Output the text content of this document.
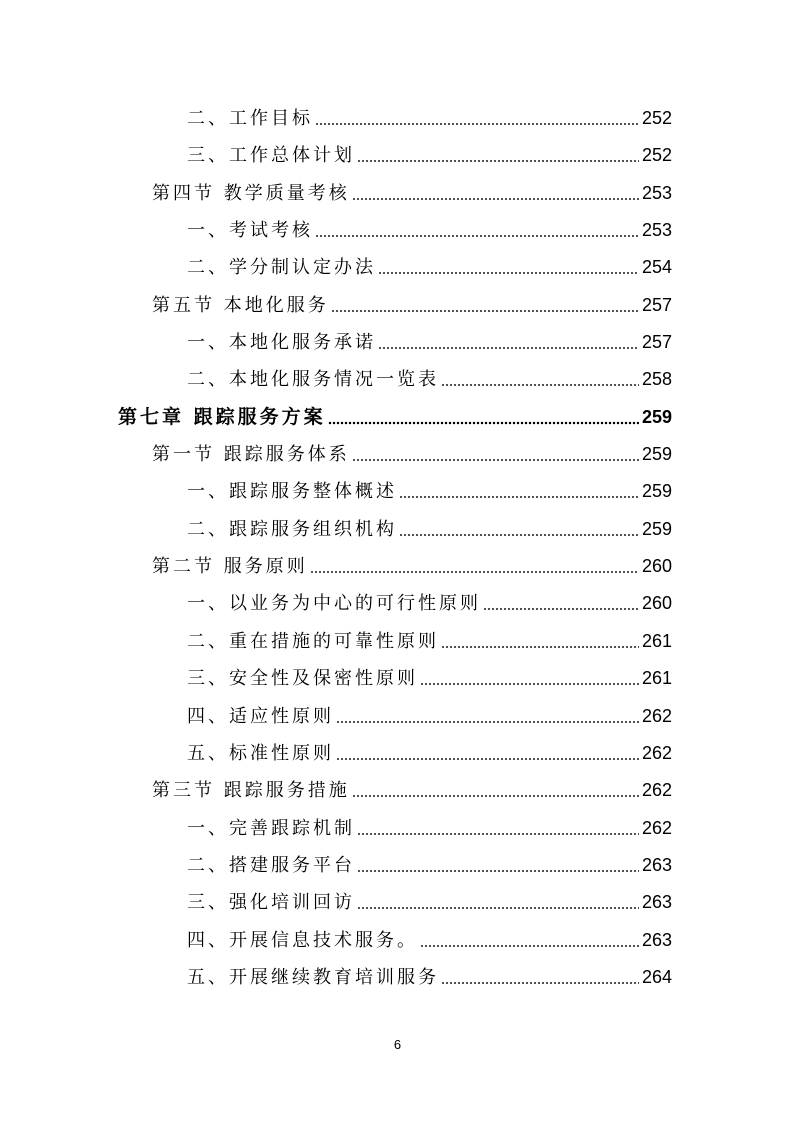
二、工作目标	252
三、工作总体计划	252
第四节 教学质量考核	253
一、考试考核	253
二、学分制认定办法	254
第五节 本地化服务	257
一、本地化服务承诺	257
二、本地化服务情况一览表	258
第七章 跟踪服务方案	259
第一节 跟踪服务体系	259
一、跟踪服务整体概述	259
二、跟踪服务组织机构	259
第二节 服务原则	260
一、以业务为中心的可行性原则	260
二、重在措施的可靠性原则	261
三、安全性及保密性原则	261
四、适应性原则	262
五、标准性原则	262
第三节 跟踪服务措施	262
一、完善跟踪机制	262
二、搭建服务平台	263
三、强化培训回访	263
四、开展信息技术服务。	263
五、开展继续教育培训服务	264
6
